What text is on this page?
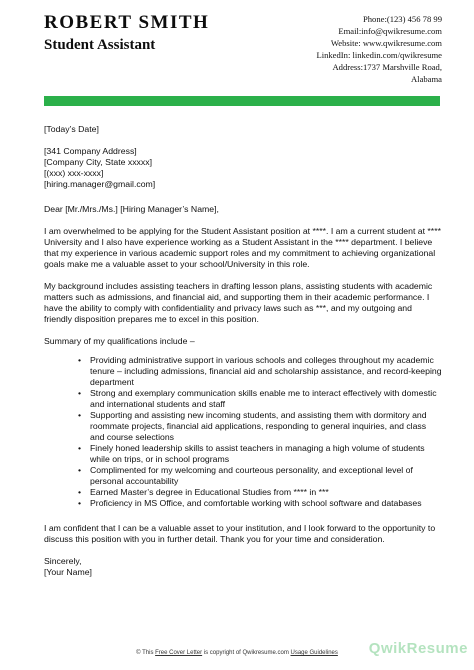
ROBERT SMITH
Student Assistant
Phone:(123) 456 78 99
Email:info@qwikresume.com
Website: www.qwikresume.com
LinkedIn: linkedin.com/qwikresume
Address:1737 Marshville Road,
Alabama

[Today’s Date]

[341 Company Address]

[Company City, State xxxxx]

[(xxx) xxx-xxxx]

[hiring.manager@gmail.com]

Dear [Mr./Mrs./Ms.] [Hiring Manager’s Name],

I am overwhelmed to be applying for the Student Assistant position at ****. I am a current student at **** University and I also have experience working as a Student Assistant in the **** department. I believe that my experience in various academic support roles and my commitment to achieving organizational goals make me a valuable asset to your school/University in this role.

My background includes assisting teachers in drafting lesson plans, assisting students with academic matters such as admissions, and financial aid, and supporting them in their academic performance. I have the ability to comply with confidentiality and privacy laws such as ***, and my outgoing and friendly disposition prepares me to excel in this position.

Summary of my qualifications include –

• Providing administrative support in various schools and colleges throughout my academic tenure – including admissions, financial aid and scholarship assistance, and record-keeping department
• Strong and exemplary communication skills enable me to interact effectively with domestic and international students and staff
• Supporting and assisting new incoming students, and assisting them with dormitory and roommate projects, financial aid applications, responding to general inquiries, and class and course selections
• Finely honed leadership skills to assist teachers in managing a high volume of students while on trips, or in school programs
• Complimented for my welcoming and courteous personality, and exceptional level of personal accountability
• Earned Master’s degree in Educational Studies from **** in ***
• Proficiency in MS Office, and comfortable working with school software and databases

I am confident that I can be a valuable asset to your institution, and I look forward to the opportunity to discuss this position with you in further detail. Thank you for your time and consideration.

Sincerely,

[Your Name]

© This Free Cover Letter is copyright of Qwikresume.com Usage Guidelines	QwikResume
